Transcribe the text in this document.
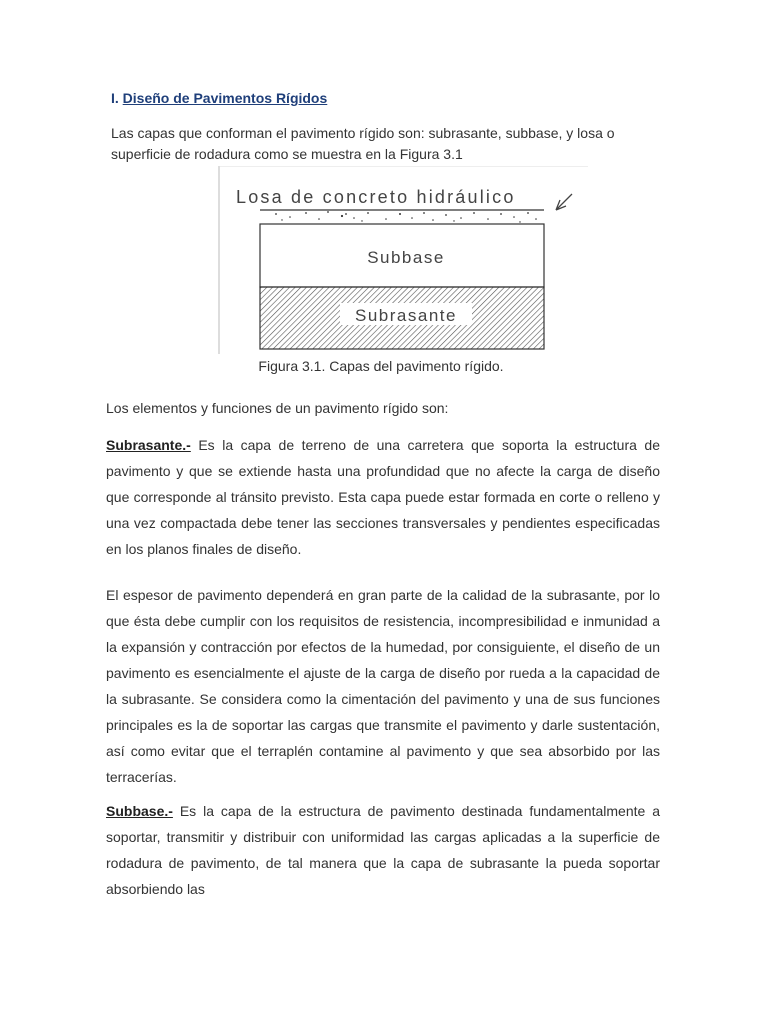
I. Diseño de Pavimentos Rígidos

Las capas que conforman el pavimento rígido son: subrasante, subbase, y losa o superficie de rodadura como se muestra en la Figura 3.1

Losa de concreto hidráulico
Subbase
Subrasante

Figura 3.1. Capas del pavimento rígido.

Los elementos y funciones de un pavimento rígido son:

Subrasante.- Es la capa de terreno de una carretera que soporta la estructura de pavimento y que se extiende hasta una profundidad que no afecte la carga de diseño que corresponde al tránsito previsto. Esta capa puede estar formada en corte o relleno y una vez compactada debe tener las secciones transversales y pendientes especificadas en los planos finales de diseño.

El espesor de pavimento dependerá en gran parte de la calidad de la subrasante, por lo que ésta debe cumplir con los requisitos de resistencia, incompresibilidad e inmunidad a la expansión y contracción por efectos de la humedad, por consiguiente, el diseño de un pavimento es esencialmente el ajuste de la carga de diseño por rueda a la capacidad de la subrasante. Se considera como la cimentación del pavimento y una de sus funciones principales es la de soportar las cargas que transmite el pavimento y darle sustentación, así como evitar que el terraplén contamine al pavimento y que sea absorbido por las terracerías.

Subbase.- Es la capa de la estructura de pavimento destinada fundamentalmente a soportar, transmitir y distribuir con uniformidad las cargas aplicadas a la superficie de rodadura de pavimento, de tal manera que la capa de subrasante la pueda soportar absorbiendo las
